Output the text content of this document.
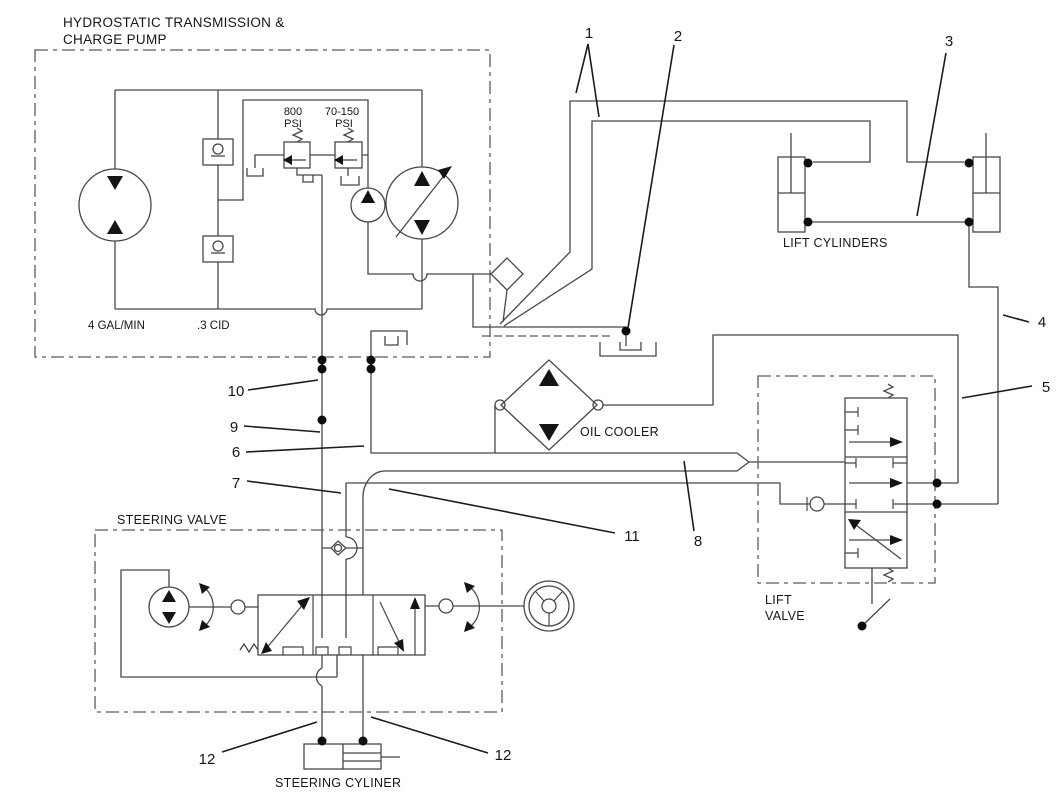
HYDROSTATIC TRANSMISSION &
CHARGE PUMP
800
PSI
70-150
PSI
4 GAL/MIN	.3 CID
LIFT CYLINDERS
OIL COOLER
LIFT
VALVE
STEERING VALVE
STEERING CYLINER
1	2	3
4
5
6
7
8
9
10
11
12	12
